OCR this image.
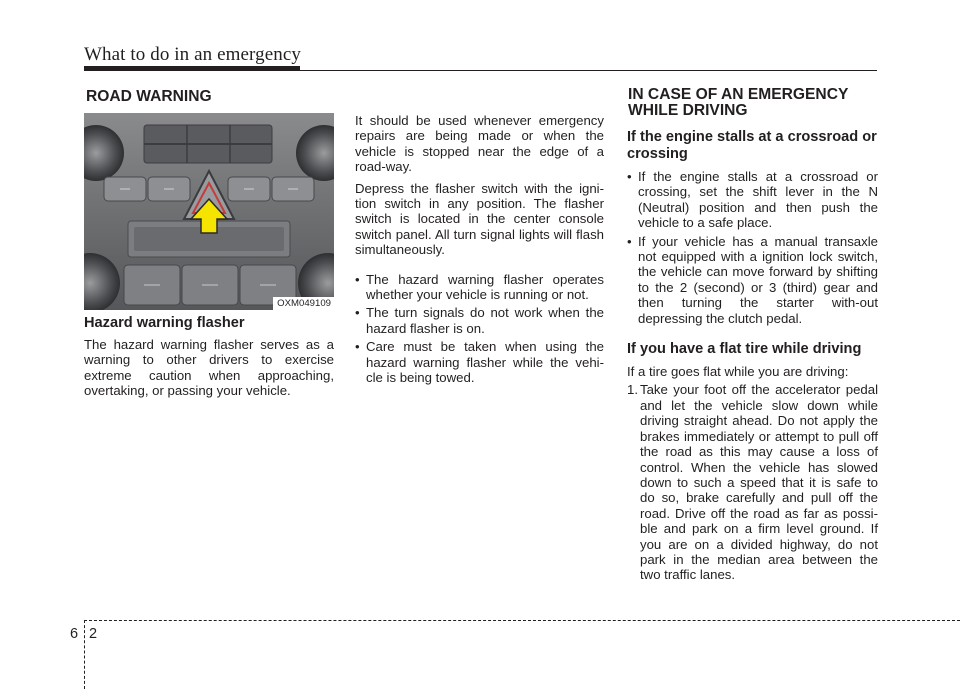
What to do in an emergency
ROAD WARNING	IN CASE OF AN EMERGENCY
WHILE DRIVING
OXM049109
Hazard warning flasher

The hazard warning flasher serves as a warning to other drivers to exercise extreme caution when approaching, overtaking, or passing your vehicle.

It should be used whenever emergency repairs are being made or when the vehicle is stopped near the edge of a road-way.

Depress the flasher switch with the igni-tion switch in any position. The flasher switch is located in the center console switch panel. All turn signal lights will flash simultaneously.

• The hazard warning flasher operates whether your vehicle is running or not.
• The turn signals do not work when the hazard flasher is on.
• Care must be taken when using the hazard warning flasher while the vehi-cle is being towed.
If the engine stalls at a crossroad or crossing
• If the engine stalls at a crossroad or crossing, set the shift lever in the N (Neutral) position and then push the vehicle to a safe place.
• If your vehicle has a manual transaxle not equipped with a ignition lock switch, the vehicle can move forward by shifting to the 2 (second) or 3 (third) gear and then turning the starter with-out depressing the clutch pedal.
If you have a flat tire while driving

If a tire goes flat while you are driving:

1. Take your foot off the accelerator pedal and let the vehicle slow down while driving straight ahead. Do not apply the brakes immediately or attempt to pull off the road as this may cause a loss of control. When the vehicle has slowed down to such a speed that it is safe to do so, brake carefully and pull off the road. Drive off the road as far as possi-ble and park on a firm level ground. If you are on a divided highway, do not park in the median area between the two traffic lanes.
6 2
